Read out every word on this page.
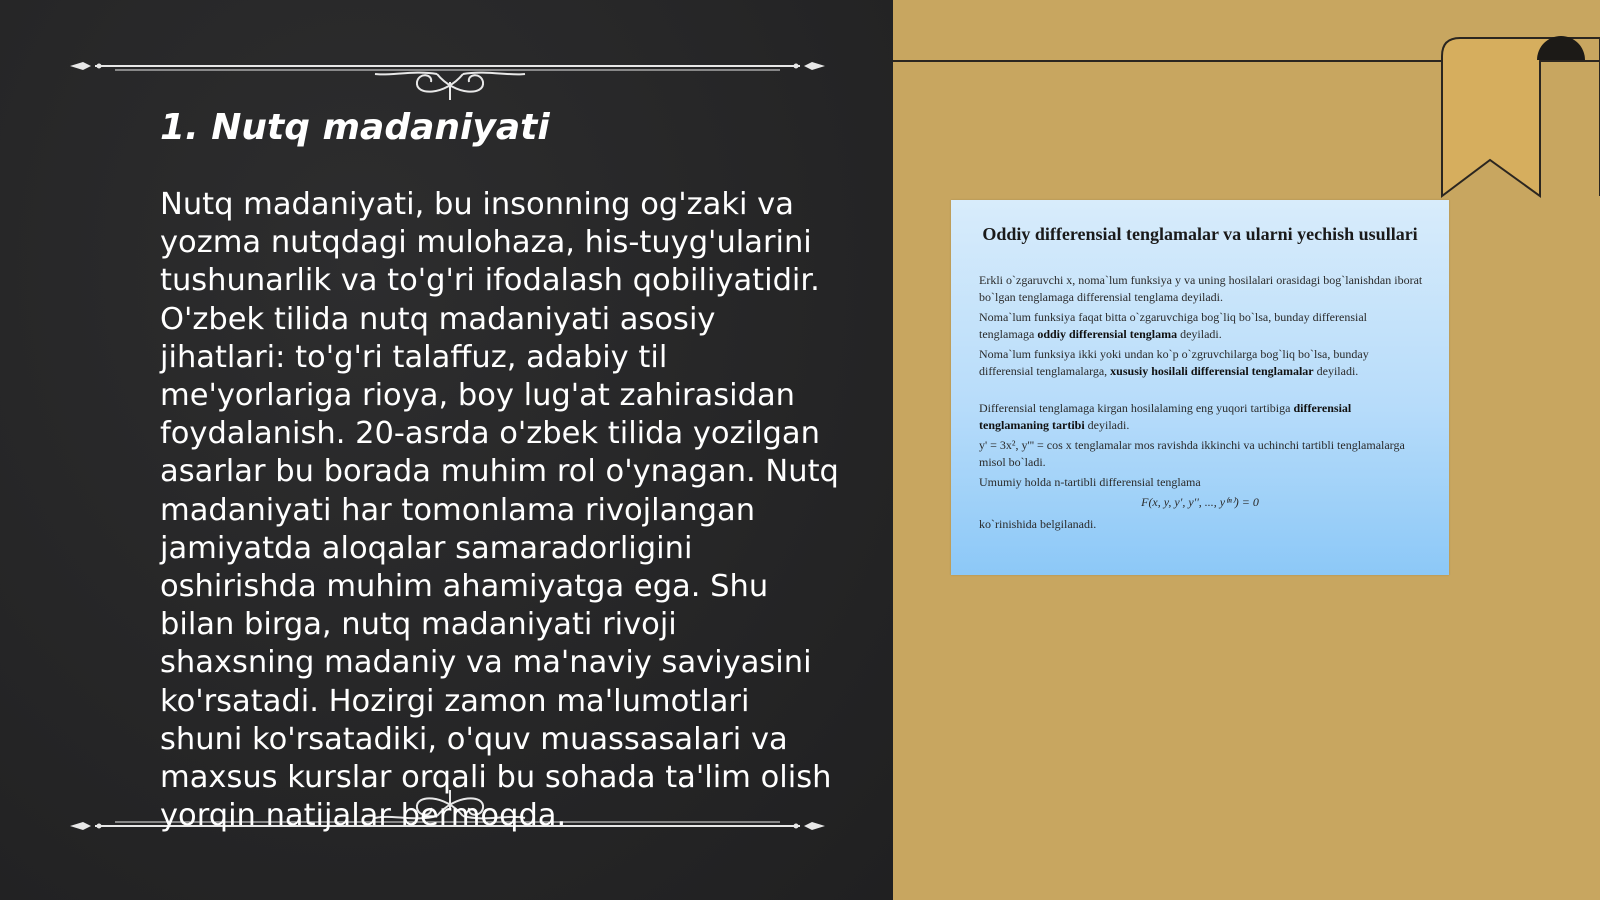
1. Nutq madaniyati

Nutq madaniyati, bu insonning og'zaki va yozma nutqdagi mulohaza, his-tuyg'ularini tushunarlik va to'g'ri ifodalash qobiliyatidir. O'zbek tilida nutq madaniyati asosiy jihatlari: to'g'ri talaffuz, adabiy til me'yorlariga rioya, boy lug'at zahirasidan foydalanish. 20-asrda o'zbek tilida yozilgan asarlar bu borada muhim rol o'ynagan. Nutq madaniyati har tomonlama rivojlangan jamiyatda aloqalar samaradorligini oshirishda muhim ahamiyatga ega. Shu bilan birga, nutq madaniyati rivoji shaxsning madaniy va ma'naviy saviyasini ko'rsatadi. Hozirgi zamon ma'lumotlari shuni ko'rsatadiki, o'quv muassasalari va maxsus kurslar orqali bu sohada ta'lim olish yorqin natijalar bermoqda.

Oddiy differensial tenglamalar va ularni yechish usullari

Erkli o`zgaruvchi x, noma`lum funksiya y va uning hosilalari orasidagi bog`lanishdan iborat bo`lgan tenglamaga differensial tenglama deyiladi.

Noma`lum funksiya faqat bitta o`zgaruvchiga bog`liq bo`lsa, bunday differensial tenglamaga oddiy differensial tenglama deyiladi.

Noma`lum funksiya ikki yoki undan ko`p o`zgruvchilarga bog`liq bo`lsa, bunday differensial tenglamalarga, xususiy hosilali differensial tenglamalar deyiladi.

Differensial tenglamaga kirgan hosilalaming eng yuqori tartibiga differensial tenglamaning tartibi deyiladi.

y' = 3x², y''' = cos x tenglamalar mos ravishda ikkinchi va uchinchi tartibli tenglamalarga misol bo`ladi.

Umumiy holda n-tartibli differensial tenglama

F(x, y, y', y'', ..., y⁽ⁿ⁾) = 0

ko`rinishida belgilanadi.
